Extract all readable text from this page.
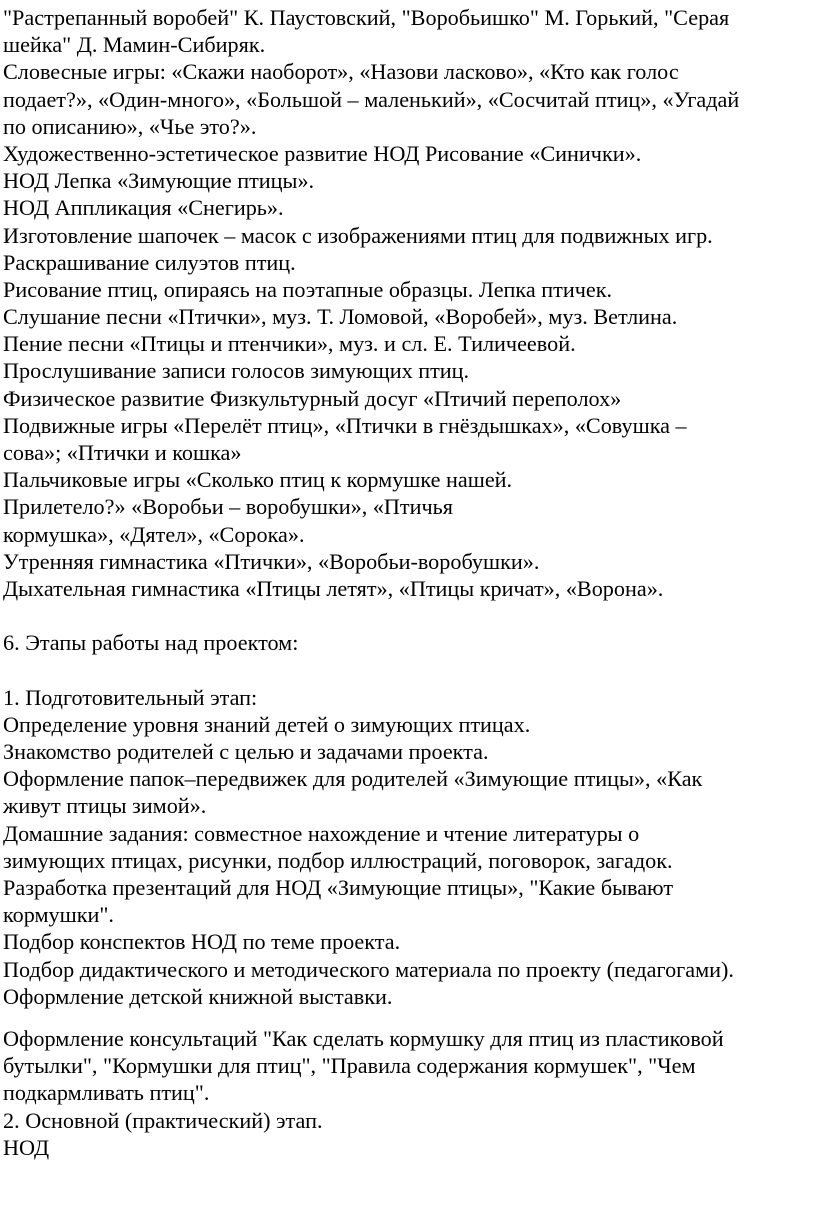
"Растрепанный воробей" К. Паустовский, "Воробьишко" М. Горький, "Серая
шейка" Д. Мамин-Сибиряк.
Словесные игры: «Скажи наоборот», «Назови ласково», «Кто как голос
подает?», «Один-много», «Большой – маленький», «Сосчитай птиц», «Угадай
по описанию», «Чье это?».
Художественно-эстетическое развитие НОД Рисование «Синички».
НОД Лепка «Зимующие птицы».
НОД Аппликация «Снегирь».
Изготовление шапочек – масок с изображениями птиц для подвижных игр.
Раскрашивание силуэтов птиц.
Рисование птиц, опираясь на поэтапные образцы. Лепка птичек.
Слушание песни «Птички», муз. Т. Ломовой, «Воробей», муз. Ветлина.
Пение песни «Птицы и птенчики», муз. и сл. Е. Тиличеевой.
Прослушивание записи голосов зимующих птиц.
Физическое развитие Физкультурный досуг «Птичий переполох»
Подвижные игры «Перелёт птиц», «Птички в гнёздышках», «Совушка –
сова»; «Птички и кошка»
Пальчиковые игры «Сколько птиц к кормушке нашей.
Прилетело?» «Воробьи – воробушки», «Птичья
кормушка», «Дятел», «Сорока».
Утренняя гимнастика «Птички», «Воробьи-воробушки».
Дыхательная гимнастика «Птицы летят», «Птицы кричат», «Ворона».
6. Этапы работы над проектом:
1. Подготовительный этап:
Определение уровня знаний детей о зимующих птицах.
Знакомство родителей с целью и задачами проекта.
Оформление папок–передвижек для родителей «Зимующие птицы», «Как
живут птицы зимой».
Домашние задания: совместное нахождение и чтение литературы о
зимующих птицах, рисунки, подбор иллюстраций, поговорок, загадок.
Разработка презентаций для НОД «Зимующие птицы», "Какие бывают
кормушки".
Подбор конспектов НОД по теме проекта.
Подбор дидактического и методического материала по проекту (педагогами).
Оформление детской книжной выставки.
Оформление консультаций "Как сделать кормушку для птиц из пластиковой
бутылки", "Кормушки для птиц", "Правила содержания кормушек", "Чем
подкармливать птиц".
2. Основной (практический) этап.
НОД
